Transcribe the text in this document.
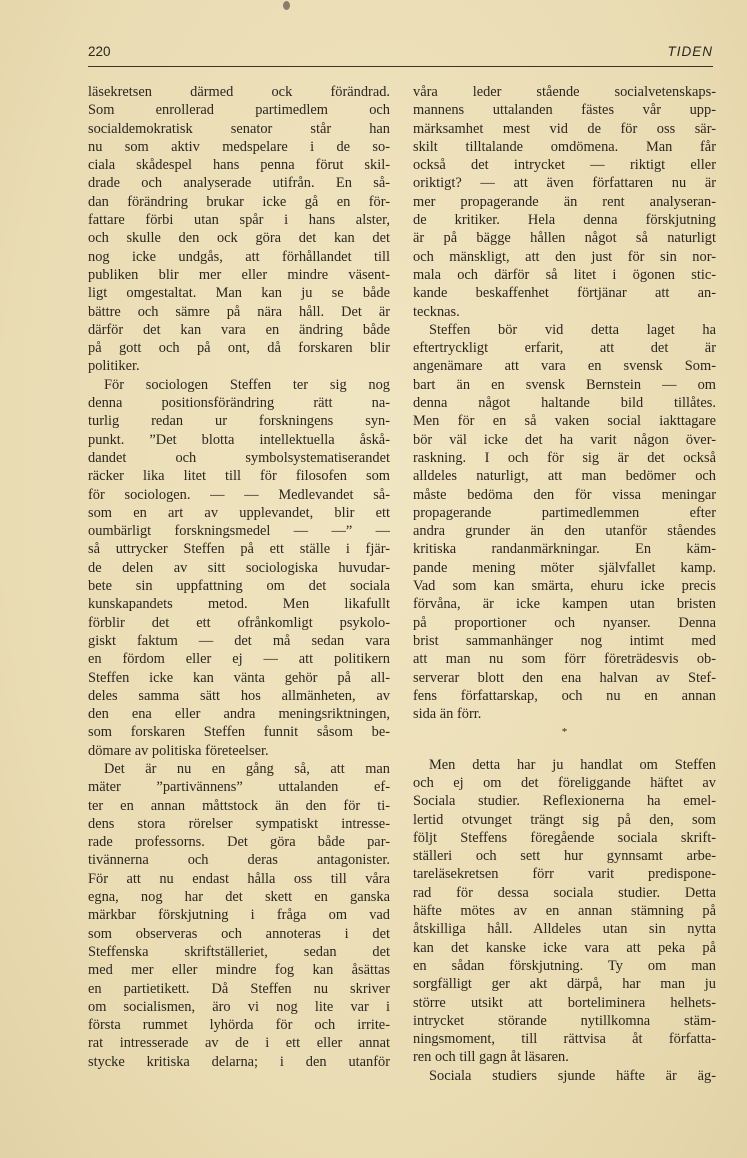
220	TIDEN
läsekretsen därmed ock förändrad.
Som enrollerad partimedlem och
socialdemokratisk senator står han
nu som aktiv medspelare i de so-
ciala skådespel hans penna förut skil-
drade och analyserade utifrån. En så-
dan förändring brukar icke gå en för-
fattare förbi utan spår i hans alster,
och skulle den ock göra det kan det
nog icke undgås, att förhållandet till
publiken blir mer eller mindre väsent-
ligt omgestaltat. Man kan ju se både
bättre och sämre på nära håll. Det är
därför det kan vara en ändring både
på gott och på ont, då forskaren blir
politiker.
För sociologen Steffen ter sig nog
denna positionsförändring rätt na-
turlig redan ur forskningens syn-
punkt. ”Det blotta intellektuella åskå-
dandet och symbolsystematiserandet
räcker lika litet till för filosofen som
för sociologen. — — Medlevandet så-
som en art av upplevandet, blir ett
oumbärligt forskningsmedel — —” —
så uttrycker Steffen på ett ställe i fjär-
de delen av sitt sociologiska huvudar-
bete sin uppfattning om det sociala
kunskapandets metod. Men likafullt
förblir det ett ofrånkomligt psykolo-
giskt faktum — det må sedan vara
en fördom eller ej — att politikern
Steffen icke kan vänta gehör på all-
deles samma sätt hos allmänheten, av
den ena eller andra meningsriktningen,
som forskaren Steffen funnit såsom be-
dömare av politiska företeelser.
Det är nu en gång så, att man
mäter ”partivännens” uttalanden ef-
ter en annan måttstock än den för ti-
dens stora rörelser sympatiskt intresse-
rade professorns. Det göra både par-
tivännerna och deras antagonister.
För att nu endast hålla oss till våra
egna, nog har det skett en ganska
märkbar förskjutning i fråga om vad
som observeras och annoteras i det
Steffenska skriftställeriet, sedan det
med mer eller mindre fog kan åsättas
en partietikett. Då Steffen nu skriver
om socialismen, äro vi nog lite var i
första rummet lyhörda för och irrite-
rat intresserade av de i ett eller annat
stycke kritiska delarna; i den utanför
våra leder stående socialvetenskaps-
mannens uttalanden fästes vår upp-
märksamhet mest vid de för oss sär-
skilt tilltalande omdömena. Man får
också det intrycket — riktigt eller
oriktigt? — att även författaren nu är
mer propagerande än rent analyseran-
de kritiker. Hela denna förskjutning
är på bägge hållen något så naturligt
och mänskligt, att den just för sin nor-
mala och därför så litet i ögonen stic-
kande beskaffenhet förtjänar att an-
tecknas.
Steffen bör vid detta laget ha
eftertryckligt erfarit, att det är
angenämare att vara en svensk Som-
bart än en svensk Bernstein — om
denna något haltande bild tillåtes.
Men för en så vaken social iakttagare
bör väl icke det ha varit någon över-
raskning. I och för sig är det också
alldeles naturligt, att man bedömer och
måste bedöma den för vissa meningar
propagerande partimedlemmen efter
andra grunder än den utanför ståendes
kritiska randanmärkningar. En käm-
pande mening möter självfallet kamp.
Vad som kan smärta, ehuru icke precis
förvåna, är icke kampen utan bristen
på proportioner och nyanser. Denna
brist sammanhänger nog intimt med
att man nu som förr företrädesvis ob-
serverar blott den ena halvan av Stef-
fens författarskap, och nu en annan
sida än förr.
*
Men detta har ju handlat om Steffen
och ej om det föreliggande häftet av
Sociala studier. Reflexionerna ha emel-
lertid otvunget trängt sig på den, som
följt Steffens föregående sociala skrift-
ställeri och sett hur gynnsamt arbe-
tareläsekretsen förr varit predispone-
rad för dessa sociala studier. Detta
häfte mötes av en annan stämning på
åtskilliga håll. Alldeles utan sin nytta
kan det kanske icke vara att peka på
en sådan förskjutning. Ty om man
sorgfälligt ger akt därpå, har man ju
större utsikt att borteliminera helhets-
intrycket störande nytillkomna stäm-
ningsmoment, till rättvisa åt författa-
ren och till gagn åt läsaren.
Sociala studiers sjunde häfte är äg-
